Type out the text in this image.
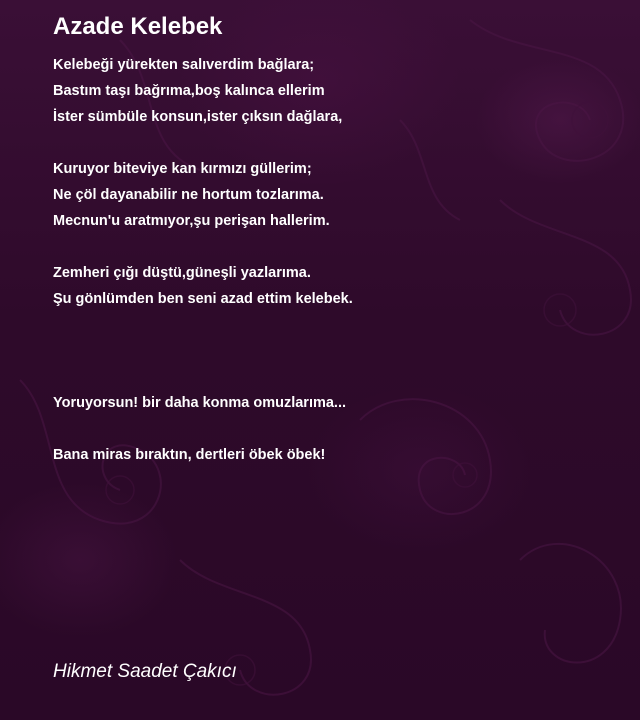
Azade Kelebek
Kelebeği yürekten salıverdim bağlara;
Bastım taşı bağrıma,boş kalınca ellerim
İster sümbüle konsun,ister çıksın dağlara,
Kuruyor biteviye kan kırmızı güllerim;
Ne çöl dayanabilir ne hortum tozlarıma.
Mecnun'u aratmıyor,şu perişan hallerim.
Zemheri çığı düştü,güneşli yazlarıma.
Şu gönlümden ben seni azad ettim kelebek.
Yoruyorsun! bir daha konma omuzlarıma...
Bana miras bıraktın, dertleri öbek öbek!
Hikmet Saadet Çakıcı
